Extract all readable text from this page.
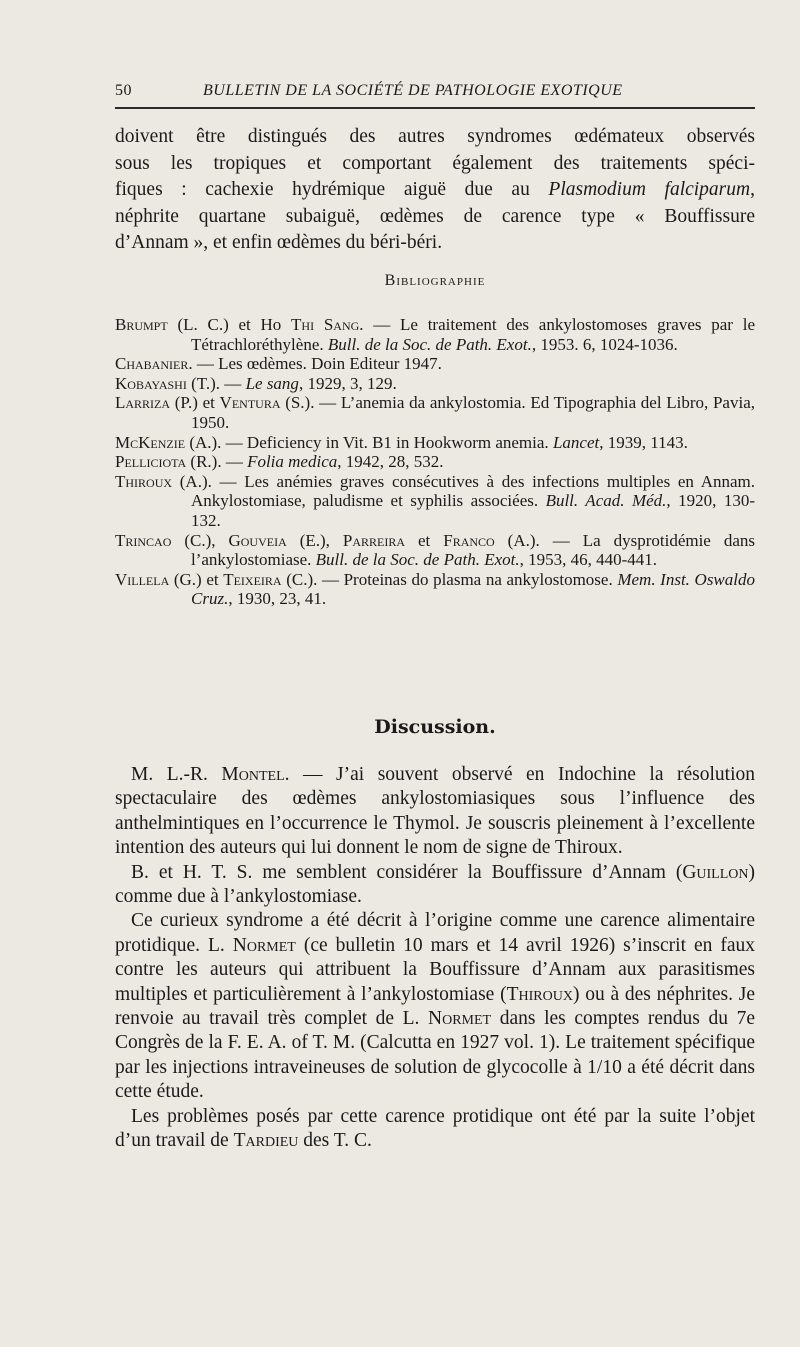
50	BULLETIN DE LA SOCIÉTÉ DE PATHOLOGIE EXOTIQUE
doivent être distingués des autres syndromes œdémateux observés
sous les tropiques et comportant également des traitements spéci-
fiques : cachexie hydrémique aiguë due au Plasmodium falciparum,
néphrite quartane subaiguë, œdèmes de carence type « Bouffissure
d’Annam », et enfin œdèmes du béri-béri.
Bibliographie

Brumpt (L. C.) et Ho Thi Sang. — Le traitement des ankylostomoses graves par le Tétrachloréthylène. Bull. de la Soc. de Path. Exot., 1953. 6, 1024-1036.

Chabanier. — Les œdèmes. Doin Editeur 1947.

Kobayashi (T.). — Le sang, 1929, 3, 129.

Larriza (P.) et Ventura (S.). — L’anemia da ankylostomia. Ed Tipographia del Libro, Pavia, 1950.

McKenzie (A.). — Deficiency in Vit. B1 in Hookworm anemia. Lancet, 1939, 1143.

Pelliciota (R.). — Folia medica, 1942, 28, 532.

Thiroux (A.). — Les anémies graves consécutives à des infections multiples en Annam. Ankylostomiase, paludisme et syphilis associées. Bull. Acad. Méd., 1920, 130-132.

Trincao (C.), Gouveia (E.), Parreira et Franco (A.). — La dysprotidémie dans l’ankylostomiase. Bull. de la Soc. de Path. Exot., 1953, 46, 440-441.

Villela (G.) et Teixeira (C.). — Proteinas do plasma na ankylostomose. Mem. Inst. Oswaldo Cruz., 1930, 23, 41.

Discussion.

M. L.-R. Montel. — J’ai souvent observé en Indochine la résolution spectaculaire des œdèmes ankylostomiasiques sous l’influence des anthelmintiques en l’occurrence le Thymol. Je souscris pleinement à l’excellente intention des auteurs qui lui donnent le nom de signe de Thiroux.

B. et H. T. S. me semblent considérer la Bouffissure d’Annam (Guillon) comme due à l’ankylostomiase.

Ce curieux syndrome a été décrit à l’origine comme une carence alimentaire protidique. L. Normet (ce bulletin 10 mars et 14 avril 1926) s’inscrit en faux contre les auteurs qui attribuent la Bouffissure d’Annam aux parasitismes multiples et particulièrement à l’ankylostomiase (Thiroux) ou à des néphrites. Je renvoie au travail très complet de L. Normet dans les comptes rendus du 7e Congrès de la F. E. A. of T. M. (Calcutta en 1927 vol. 1). Le traitement spécifique par les injections intraveineuses de solution de glycocolle à 1/10 a été décrit dans cette étude.

Les problèmes posés par cette carence protidique ont été par la suite l’objet d’un travail de Tardieu des T. C.
